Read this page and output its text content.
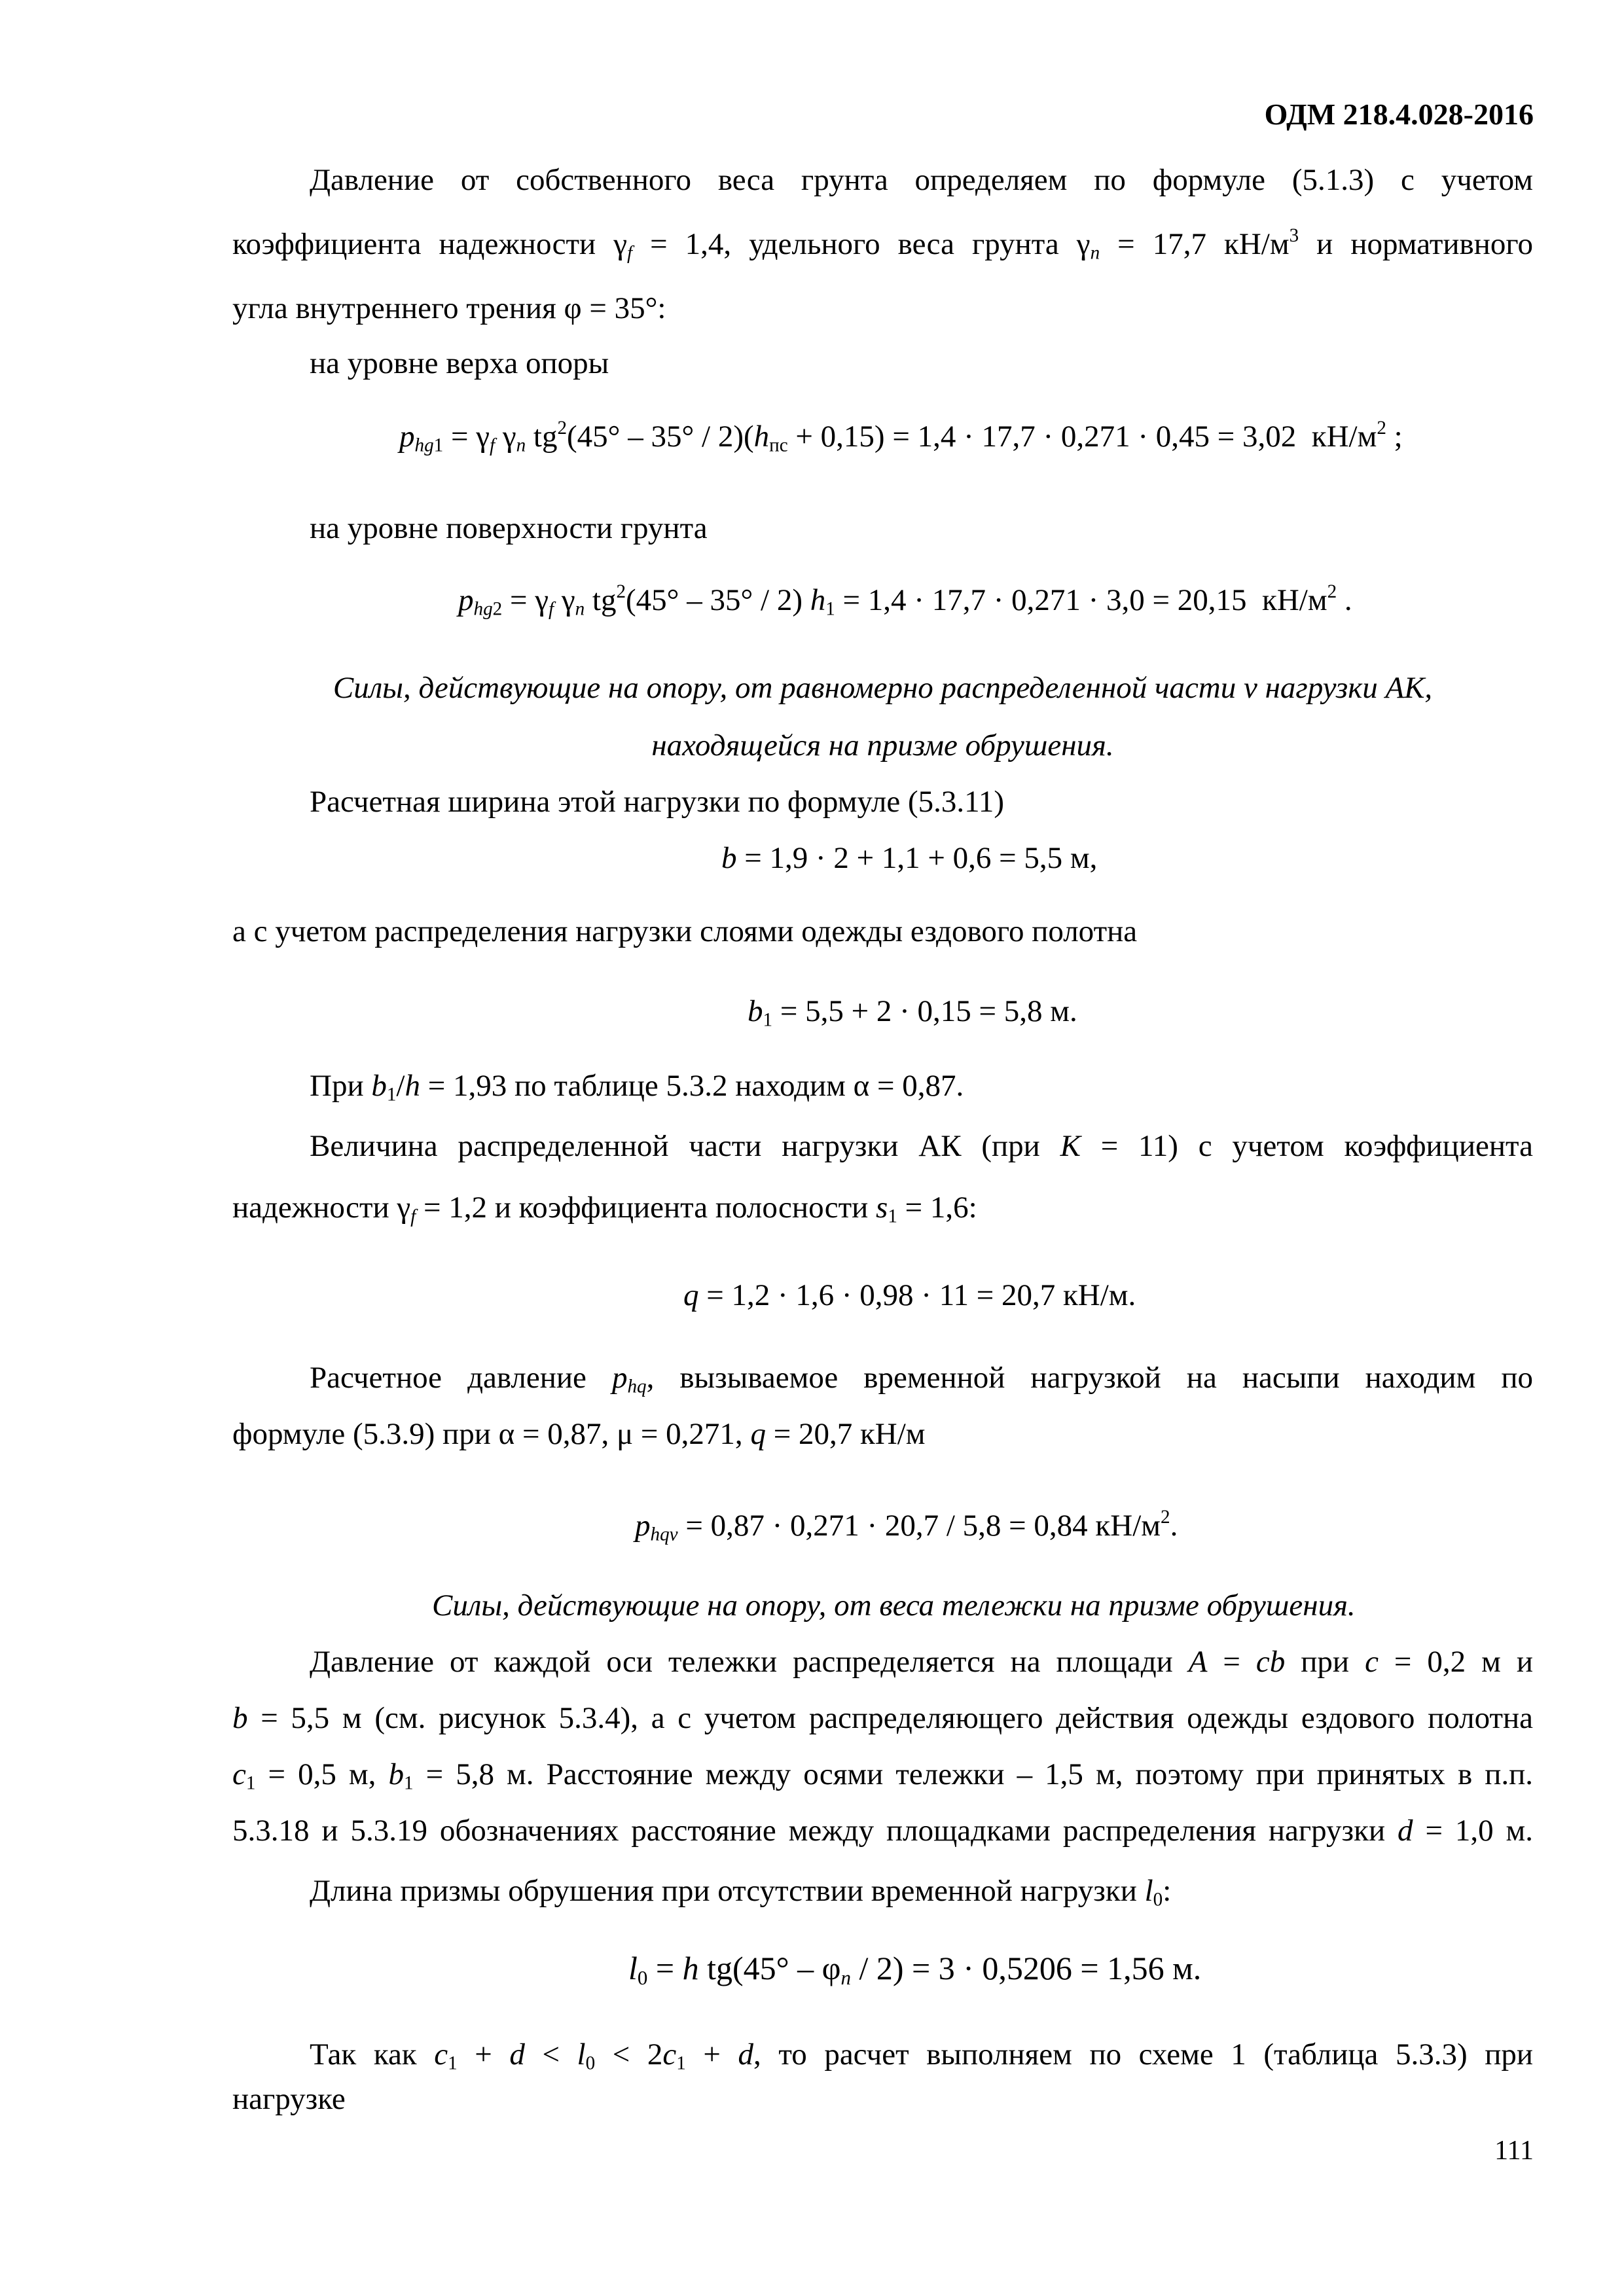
ОДМ 218.4.028-2016
Давление от собственного веса грунта определяем по формуле (5.1.3) с учетом
коэффициента надежности $\gamma_f = 1,4$, удельного веса грунта $\gamma_n = 17,7$ $кН/м^3$ и нормативного
угла внутреннего трения φ = 35°:
на уровне верха опоры
$p_{hg1} = \gamma_f$ $\gamma_n$ $tg^2(45^\circ - 35^\circ / 2)(h_{пс} + 0,15) = 1,4 \cdot 17,7 \cdot 0,271 \cdot 0,45 = 3,02$  $кН/м^2$ ;
на уровне поверхности грунта
$p_{hg2} = \gamma_f$ $\gamma_n$ $tg^2(45^\circ - 35^\circ / 2) h_1 = 1,4 \cdot 17,7 \cdot 0,271 \cdot 3,0 = 20,15$  $кН/м^2$ .
Силы, действующие на опору, от равномерно распределенной части v нагрузки АК,
находящейся на призме обрушения.
Расчетная ширина этой нагрузки по формуле (5.3.11)
b = 1,9 · 2 + 1,1 + 0,6 = 5,5 м,
а с учетом распределения нагрузки слоями одежды ездового полотна
$b_1 = 5,5 + 2 \cdot 0,15 = 5,8$ м.
При $b_1/h = 1,93$ по таблице 5.3.2 находим α = 0,87.
Величина распределенной части нагрузки АК (при K = 11) с учетом коэффициента
надежности $\gamma_f = 1,2$ и коэффициента полосности $s_1 = 1,6$:
q = 1,2 · 1,6 · 0,98 · 11 = 20,7 кН/м.
Расчетное давление $p_{hq}$, вызываемое временной нагрузкой на насыпи находим по
формуле (5.3.9) при α = 0,87, μ = 0,271, q = 20,7 кН/м
$p_{hqv} = 0,87 \cdot 0,271 \cdot 20,7 / 5,8 = 0,84$ $кН/м^2$.
Силы, действующие на опору, от веса тележки на призме обрушения.
Давление от каждой оси тележки распределяется на площади A = cb при c = 0,2 м и
b = 5,5 м (см. рисунок 5.3.4), а с учетом распределяющего действия одежды ездового полотна
$c_1 = 0,5$ м, $b_1 = 5,8$ м. Расстояние между осями тележки – 1,5 м, поэтому при принятых в п.п.
5.3.18 и 5.3.19 обозначениях расстояние между площадками распределения нагрузки d = 1,0 м.
Длина призмы обрушения при отсутствии временной нагрузки $l_0$:
$l_0 = h$ $tg(45^\circ - \varphi_n / 2) = 3 \cdot 0,5206 = 1,56$ м.
Так как $c_1 + d < l_0 < 2c_1 + d$, то расчет выполняем по схеме 1 (таблица 5.3.3) при
нагрузке
111
